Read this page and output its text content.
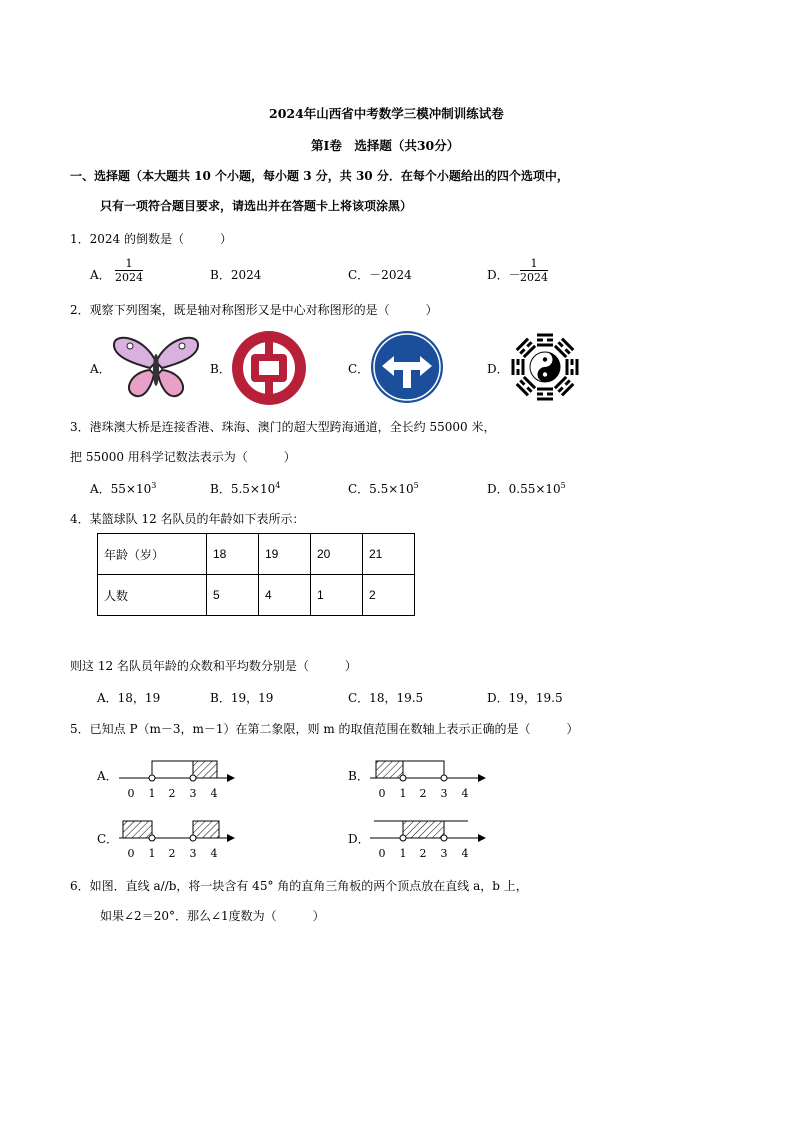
2024年山西省中考数学三模冲制训练试卷
第Ⅰ卷　选择题（共30分）
一、选择题（本大题共 10 个小题，每小题 3 分，共 30 分．在每个小题给出的四个选项中，
只有一项符合题目要求，请选出并在答题卡上将该项涂黑）
1．2024 的倒数是（　　　）
A． $\frac{1}{2024}$	B．2024	C．－2024	D．－ $\frac{1}{2024}$
2．观察下列图案，既是轴对称图形又是中心对称图形的是（　　　）
A．	B．	C．	D．
3．港珠澳大桥是连接香港、珠海、澳门的超大型跨海通道，全长约 55000 米，
把 55000 用科学记数法表示为（　　　）
A．$55\times 10^3$	B．$5.5\times 10^4$	C．$5.5\times 10^5$	D．$0.55\times 10^5$
4．某篮球队 12 名队员的年龄如下表所示：
年龄（岁）	18	19	20	21
人数	5	4	1	2
则这 12 名队员年龄的众数和平均数分别是（　　　）
A．18，19	B．19，19	C．18，19.5	D．19，19.5
5．已知点 P（m－3，m－1）在第二象限，则 m 的取值范围在数轴上表示正确的是（　　　）
A．
0 1 2 3 4
B．
0 1 2 3 4
C．
0 1 2 3 4
D．
0 1 2 3 4
6．如图．直线 a//b，将一块含有 45° 角的直角三角板的两个顶点放在直线 a，b 上，
如果∠2＝20°．那么∠1度数为（　　　）
